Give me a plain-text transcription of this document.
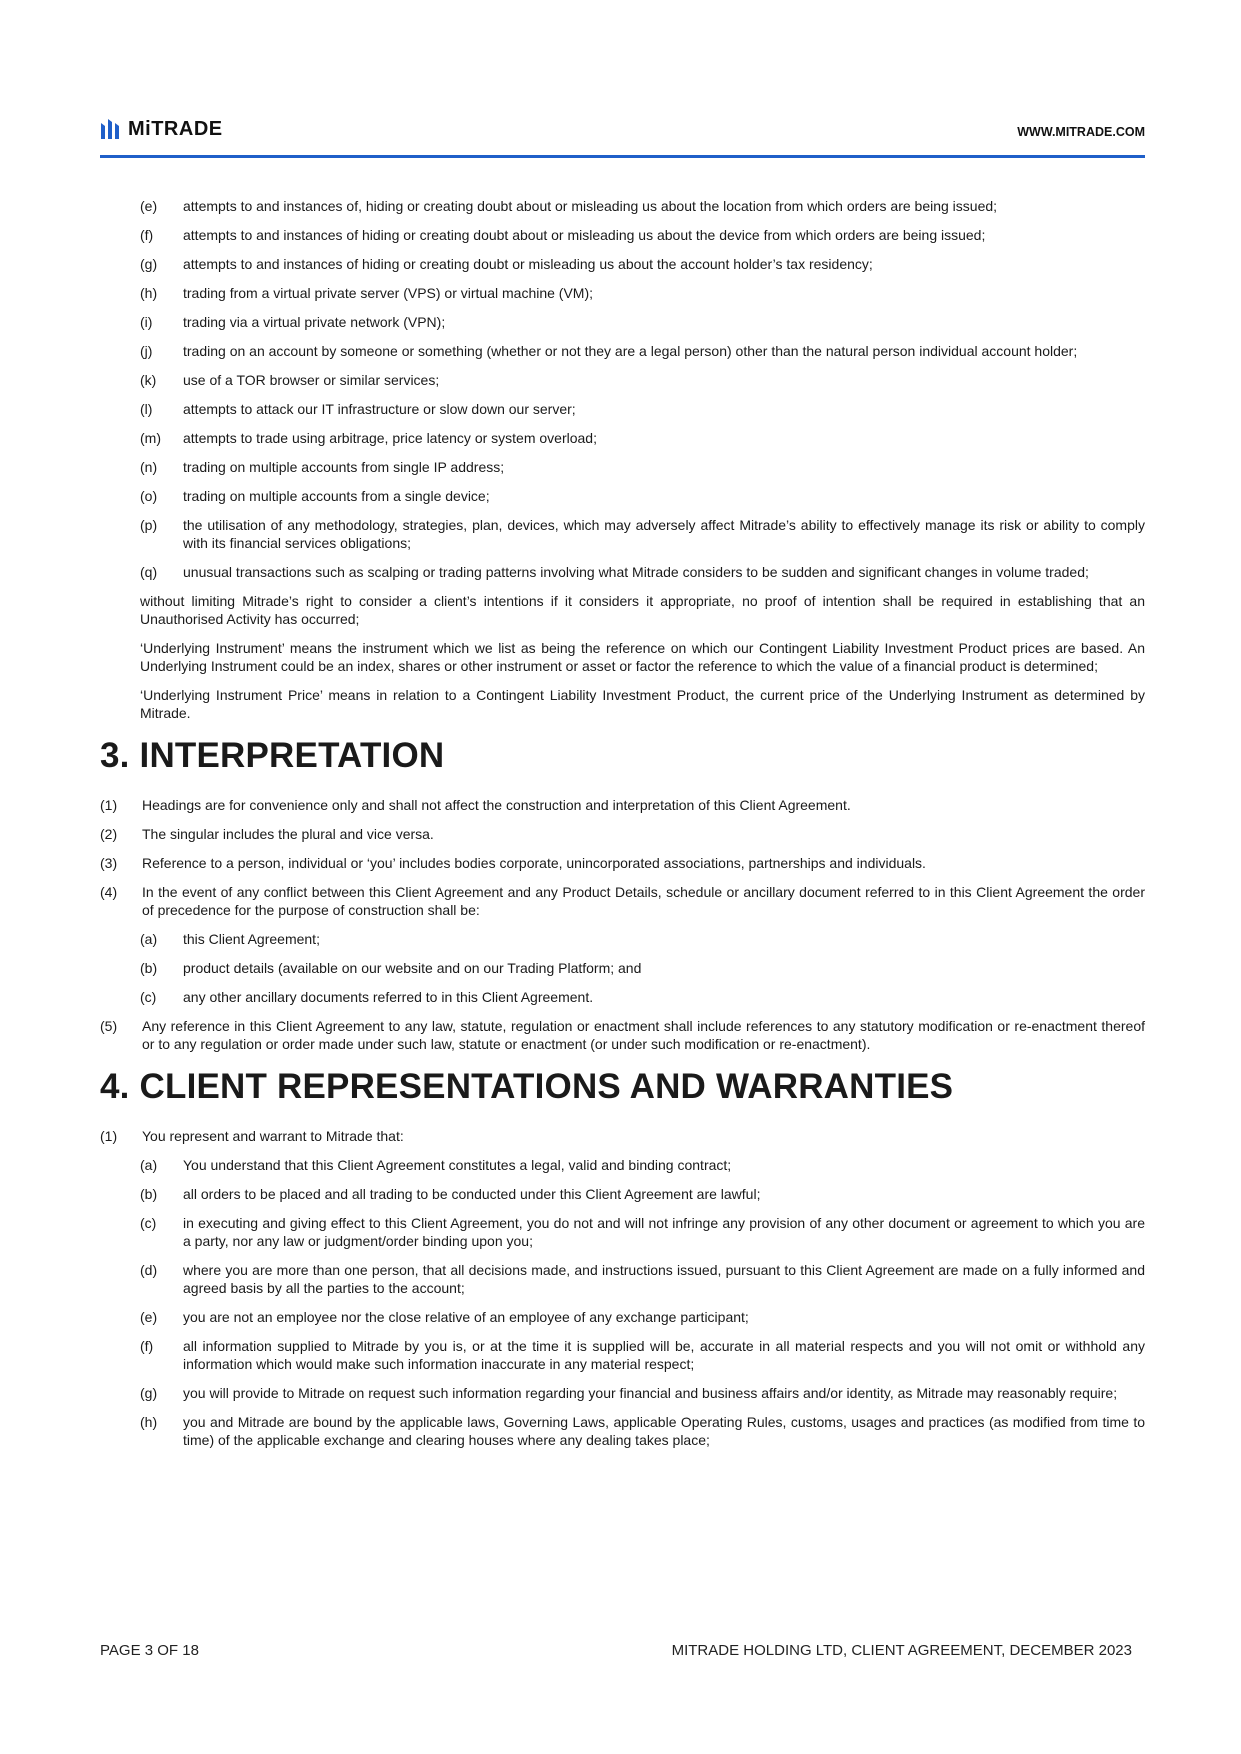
MiTRADE	WWW.MITRADE.COM
(e)	attempts to and instances of, hiding or creating doubt about or misleading us about the location from which orders are being issued;
(f)	attempts to and instances of hiding or creating doubt about or misleading us about the device from which orders are being issued;
(g)	attempts to and instances of hiding or creating doubt or misleading us about the account holder’s tax residency;
(h)	trading from a virtual private server (VPS) or virtual machine (VM);
(i)	trading via a virtual private network (VPN);
(j)	trading on an account by someone or something (whether or not they are a legal person) other than the natural person individual account holder;
(k)	use of a TOR browser or similar services;
(l)	attempts to attack our IT infrastructure or slow down our server;
(m)	attempts to trade using arbitrage, price latency or system overload;
(n)	trading on multiple accounts from single IP address;
(o)	trading on multiple accounts from a single device;
(p)	the utilisation of any methodology, strategies, plan, devices, which may adversely affect Mitrade’s ability to effectively manage its risk or ability to comply with its financial services obligations;
(q)	unusual transactions such as scalping or trading patterns involving what Mitrade considers to be sudden and significant changes in volume traded;
without limiting Mitrade’s right to consider a client’s intentions if it considers it appropriate, no proof of intention shall be required in establishing that an Unauthorised Activity has occurred;
‘Underlying Instrument’ means the instrument which we list as being the reference on which our Contingent Liability Investment Product prices are based. An Underlying Instrument could be an index, shares or other instrument or asset or factor the reference to which the value of a financial product is determined;
‘Underlying Instrument Price’ means in relation to a Contingent Liability Investment Product, the current price of the Underlying Instrument as determined by Mitrade.
3. INTERPRETATION
(1)	Headings are for convenience only and shall not affect the construction and interpretation of this Client Agreement.
(2)	The singular includes the plural and vice versa.
(3)	Reference to a person, individual or ‘you’ includes bodies corporate, unincorporated associations, partnerships and individuals.
(4)	In the event of any conflict between this Client Agreement and any Product Details, schedule or ancillary document referred to in this Client Agreement the order of precedence for the purpose of construction shall be:
(a)	this Client Agreement;
(b)	product details (available on our website and on our Trading Platform; and
(c)	any other ancillary documents referred to in this Client Agreement.
(5)	Any reference in this Client Agreement to any law, statute, regulation or enactment shall include references to any statutory modification or re-enactment thereof or to any regulation or order made under such law, statute or enactment (or under such modification or re-enactment).
4. CLIENT REPRESENTATIONS AND WARRANTIES
(1)	You represent and warrant to Mitrade that:
(a)	You understand that this Client Agreement constitutes a legal, valid and binding contract;
(b)	all orders to be placed and all trading to be conducted under this Client Agreement are lawful;
(c)	in executing and giving effect to this Client Agreement, you do not and will not infringe any provision of any other document or agreement to which you are a party, nor any law or judgment/order binding upon you;
(d)	where you are more than one person, that all decisions made, and instructions issued, pursuant to this Client Agreement are made on a fully informed and agreed basis by all the parties to the account;
(e)	you are not an employee nor the close relative of an employee of any exchange participant;
(f)	all information supplied to Mitrade by you is, or at the time it is supplied will be, accurate in all material respects and you will not omit or withhold any information which would make such information inaccurate in any material respect;
(g)	you will provide to Mitrade on request such information regarding your financial and business affairs and/or identity, as Mitrade may reasonably require;
(h)	you and Mitrade are bound by the applicable laws, Governing Laws, applicable Operating Rules, customs, usages and practices (as modified from time to time) of the applicable exchange and clearing houses where any dealing takes place;
PAGE 3 OF 18	MITRADE HOLDING LTD, CLIENT AGREEMENT, DECEMBER 2023
